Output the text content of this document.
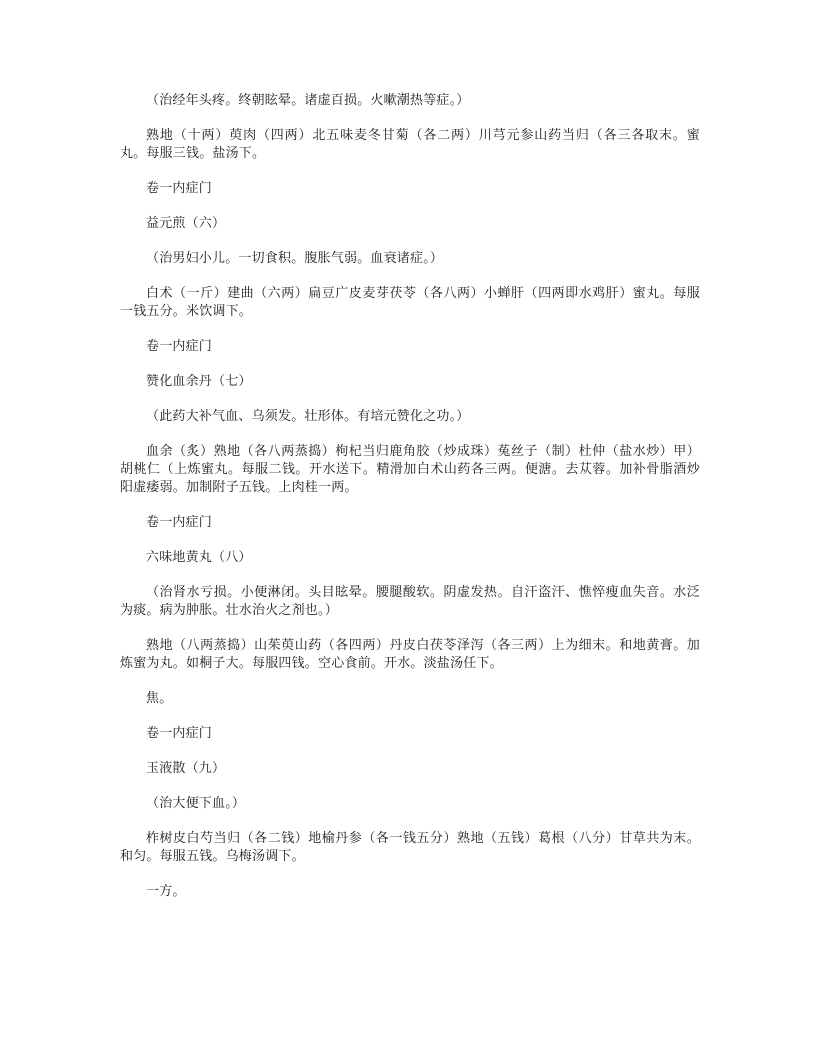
（治经年头疼。终朝眩晕。诸虚百损。火嗽潮热等症。）

熟地（十两）萸肉（四两）北五味麦冬甘菊（各二两）川芎元参山药当归（各三各取末。蜜丸。每服三钱。盐汤下。

卷一内症门

益元煎（六）

（治男妇小儿。一切食积。腹胀气弱。血衰诸症。）

白术（一斤）建曲（六两）扁豆广皮麦芽茯苓（各八两）小蝉肝（四两即水鸡肝）蜜丸。每服一钱五分。米饮调下。

卷一内症门

赞化血余丹（七）

（此药大补气血、乌须发。壮形体。有培元赞化之功。）

血余（炙）熟地（各八两蒸捣）枸杞当归鹿角胶（炒成珠）菟丝子（制）杜仲（盐水炒）甲）胡桃仁（上炼蜜丸。每服二钱。开水送下。精滑加白术山药各三两。便溏。去苁蓉。加补骨脂酒炒阳虚痿弱。加制附子五钱。上肉桂一两。

卷一内症门

六味地黄丸（八）

（治肾水亏损。小便淋闭。头目眩晕。腰腿酸软。阴虚发热。自汗盗汗、憔悴瘦血失音。水泛为痰。病为肿胀。壮水治火之剂也。）

熟地（八两蒸捣）山茱萸山药（各四两）丹皮白茯苓泽泻（各三两）上为细末。和地黄膏。加炼蜜为丸。如桐子大。每服四钱。空心食前。开水。淡盐汤任下。

焦。

卷一内症门

玉液散（九）

（治大便下血。）

柞树皮白芍当归（各二钱）地榆丹参（各一钱五分）熟地（五钱）葛根（八分）甘草共为末。和匀。每服五钱。乌梅汤调下。

一方。
